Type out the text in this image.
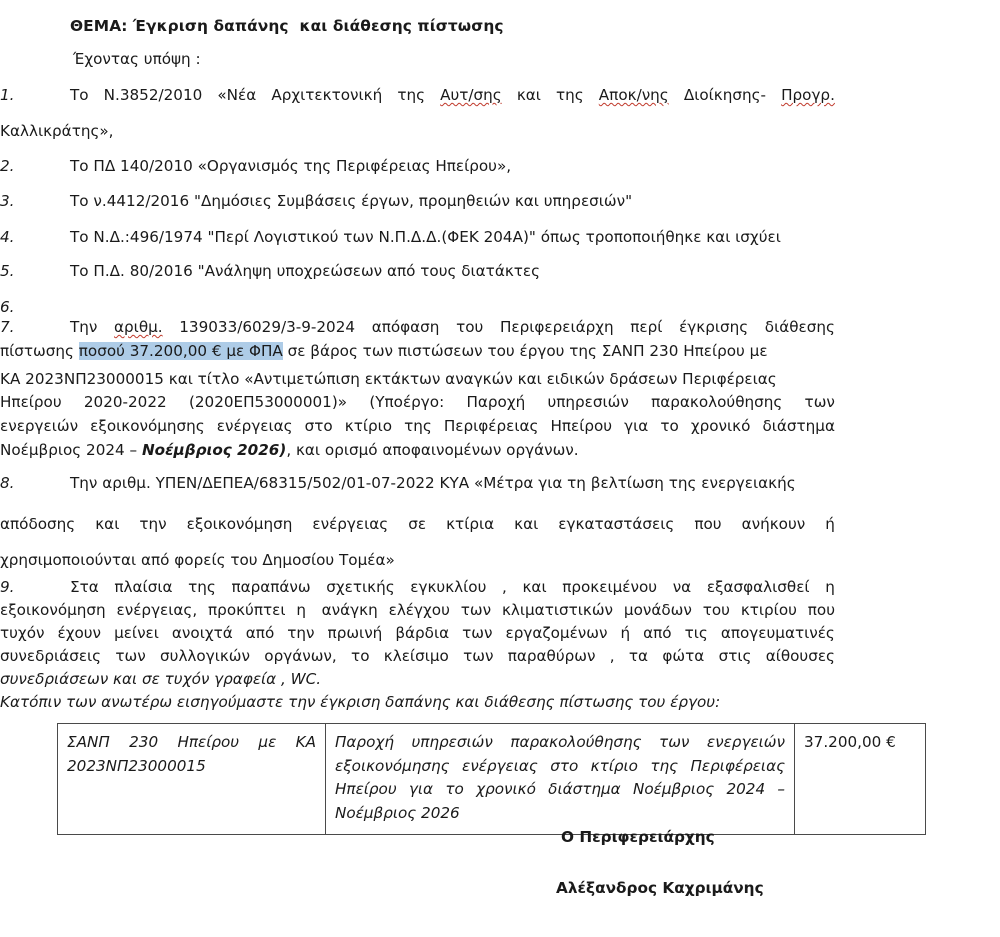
ΘΕΜΑ: Έγκριση δαπάνης  και διάθεσης πίστωσης
Έχοντας υπόψη :
1.	Το N.3852/2010 «Νέα Αρχιτεκτονική της Αυτ/σης και της Αποκ/νης Διοίκησης- Προγρ.
Καλλικράτης»,
2.	Το ΠΔ 140/2010 «Οργανισμός της Περιφέρειας Ηπείρου»,
3.	Το ν.4412/2016 "Δημόσιες Συμβάσεις έργων, προμηθειών και υπηρεσιών"
4.	Το Ν.Δ.:496/1974 "Περί Λογιστικού των Ν.Π.Δ.Δ.(ΦΕΚ 204Α)" όπως τροποποιήθηκε και ισχύει
5.	Το Π.Δ. 80/2016 "Ανάληψη υποχρεώσεων από τους διατάκτες
6.
7.	Την αριθμ. 139033/6029/3-9-2024 απόφαση του Περιφερειάρχη περί έγκρισης διάθεσης
πίστωσης ποσού 37.200,00 € με ΦΠΑ σε βάρος των πιστώσεων του έργου της ΣΑΝΠ 230 Ηπείρου με
ΚΑ 2023ΝΠ23000015 και τίτλο «Αντιμετώπιση εκτάκτων αναγκών και ειδικών δράσεων Περιφέρειας
Ηπείρου 2020-2022 (2020ΕΠ53000001)» (Υποέργο: Παροχή υπηρεσιών παρακολούθησης των
ενεργειών εξοικονόμησης ενέργειας στο κτίριο της Περιφέρειας Ηπείρου για το χρονικό διάστημα
Νοέμβριος 2024 – Νοέμβριος 2026), και ορισμό αποφαινομένων οργάνων.
8.	Την αριθμ. ΥΠΕΝ/ΔΕΠΕΑ/68315/502/01-07-2022 ΚΥΑ «Μέτρα για τη βελτίωση της ενεργειακής
απόδοσης και την εξοικονόμηση ενέργειας σε κτίρια και εγκαταστάσεις που ανήκουν ή
χρησιμοποιούνται από φορείς του Δημοσίου Τομέα»
9.	Στα πλαίσια της παραπάνω σχετικής εγκυκλίου , και προκειμένου να εξασφαλισθεί η
εξοικονόμηση ενέργειας, προκύπτει η ανάγκη ελέγχου των κλιματιστικών μονάδων του κτιρίου που
τυχόν έχουν μείνει ανοιχτά από την πρωινή βάρδια των εργαζομένων ή από τις απογευματινές
συνεδριάσεις των συλλογικών οργάνων, το κλείσιμο των παραθύρων , τα φώτα στις αίθουσες
συνεδριάσεων και σε τυχόν γραφεία , WC.
Κατόπιν των ανωτέρω εισηγούμαστε την έγκριση δαπάνης και διάθεσης πίστωσης του έργου:
ΣΑΝΠ 230 Ηπείρου με ΚΑ 2023ΝΠ23000015	Παροχή υπηρεσιών παρακολούθησης των ενεργειών εξοικονόμησης ενέργειας στο κτίριο της Περιφέρειας Ηπείρου για το χρονικό διάστημα Νοέμβριος 2024 – Νοέμβριος 2026	37.200,00 €
Ο Περιφερειάρχης
Αλέξανδρος Καχριμάνης
